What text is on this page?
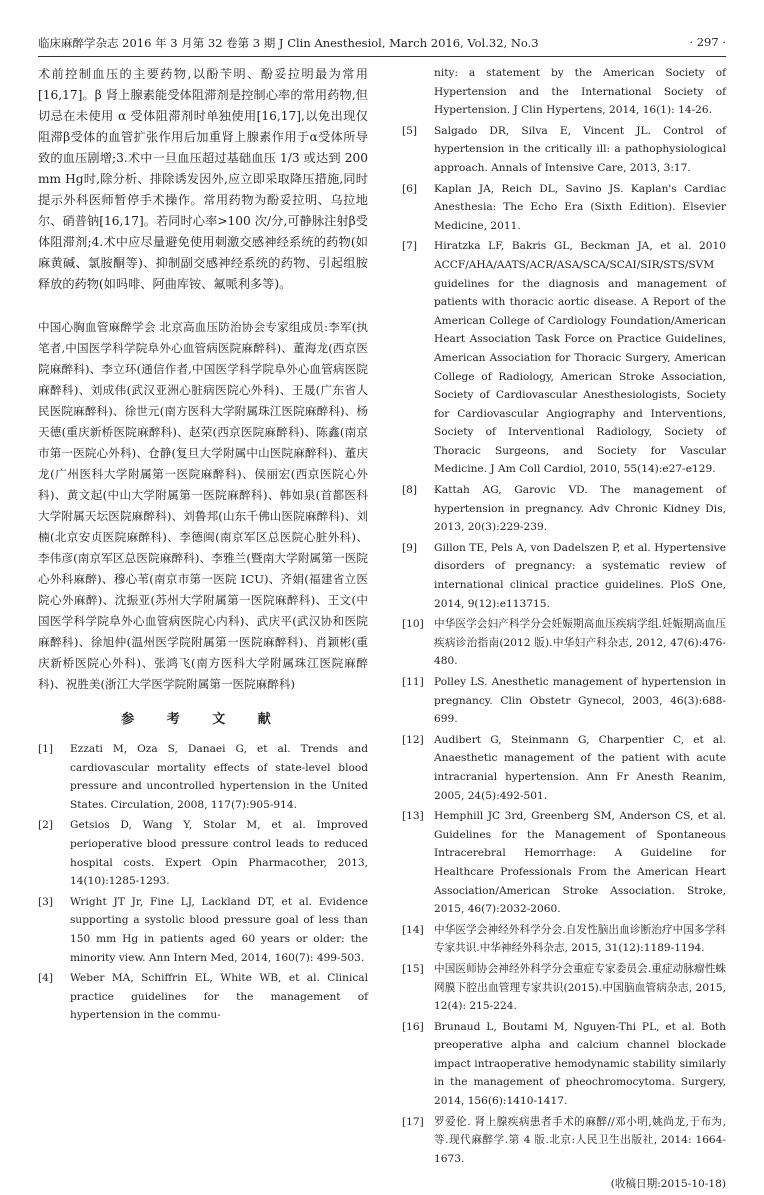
临床麻醉学杂志 2016 年 3 月第 32 卷第 3 期 J Clin Anesthesiol, March 2016, Vol.32, No.3	· 297 ·

术前控制血压的主要药物,以酚苄明、酚妥拉明最为常用[16,17]。β 肾上腺素能受体阻滞剂是控制心率的常用药物,但切忌在未使用 α 受体阻滞剂时单独使用[16,17],以免出现仅阻滞β受体的血管扩张作用后加重肾上腺素作用于α受体所导致的血压剧增;3.术中一旦血压超过基础血压 1/3 或达到 200 mm Hg时,除分析、排除诱发因外,应立即采取降压措施,同时提示外科医师暂停手术操作。常用药物为酚妥拉明、乌拉地尔、硝普钠[16,17]。若同时心率>100 次/分,可静脉注射β受体阻滞剂;4.术中应尽量避免使用刺激交感神经系统的药物(如麻黄碱、氯胺酮等)、抑制副交感神经系统的药物、引起组胺释放的药物(如吗啡、阿曲库铵、氟哌利多等)。

中国心胸血管麻醉学会 北京高血压防治协会专家组成员:李军(执笔者,中国医学科学院阜外心血管病医院麻醉科)、董海龙(西京医院麻醉科)、李立环(通信作者,中国医学科学院阜外心血管病医院麻醉科)、刘成伟(武汉亚洲心脏病医院心外科)、王晟(广东省人民医院麻醉科)、徐世元(南方医科大学附属珠江医院麻醉科)、杨天德(重庆新桥医院麻醉科)、赵荣(西京医院麻醉科)、陈鑫(南京市第一医院心外科)、仓静(复旦大学附属中山医院麻醉科)、董庆龙(广州医科大学附属第一医院麻醉科)、侯丽宏(西京医院心外科)、黄文起(中山大学附属第一医院麻醉科)、韩如泉(首都医科大学附属天坛医院麻醉科)、刘鲁邦(山东千佛山医院麻醉科)、刘楠(北京安贞医院麻醉科)、李德闽(南京军区总医院心脏外科)、李伟彦(南京军区总医院麻醉科)、李雅兰(暨南大学附属第一医院心外科麻醉)、穆心苇(南京市第一医院 ICU)、齐娟(福建省立医院心外麻醉)、沈振亚(苏州大学附属第一医院麻醉科)、王文(中国医学科学院阜外心血管病医院心内科)、武庆平(武汉协和医院麻醉科)、徐旭仲(温州医学院附属第一医院麻醉科)、肖颖彬(重庆新桥医院心外科)、张鸿飞(南方医科大学附属珠江医院麻醉科)、祝胜美(浙江大学医学院附属第一医院麻醉科)

参 考 文 献
[1]	Ezzati M, Oza S, Danaei G, et al. Trends and cardiovascular mortality effects of state-level blood pressure and uncontrolled hypertension in the United States. Circulation, 2008, 117(7):905-914.
[2]	Getsios D, Wang Y, Stolar M, et al. Improved perioperative blood pressure control leads to reduced hospital costs. Expert Opin Pharmacother, 2013, 14(10):1285-1293.
[3]	Wright JT Jr, Fine LJ, Lackland DT, et al. Evidence supporting a systolic blood pressure goal of less than 150 mm Hg in patients aged 60 years or older: the minority view. Ann Intern Med, 2014, 160(7): 499-503.
[4]	Weber MA, Schiffrin EL, White WB, et al. Clinical practice guidelines for the management of hypertension in the commu-
nity: a statement by the American Society of Hypertension and the International Society of Hypertension. J Clin Hypertens, 2014, 16(1): 14-26.
[5]	Salgado DR, Silva E, Vincent JL. Control of hypertension in the critically ill: a pathophysiological approach. Annals of Intensive Care, 2013, 3:17.
[6]	Kaplan JA, Reich DL, Savino JS. Kaplan's Cardiac Anesthesia: The Echo Era (Sixth Edition). Elsevier Medicine, 2011.
[7]	Hiratzka LF, Bakris GL, Beckman JA, et al. 2010 ACCF/AHA/AATS/ACR/ASA/SCA/SCAI/SIR/STS/SVM guidelines for the diagnosis and management of patients with thoracic aortic disease. A Report of the American College of Cardiology Foundation/American Heart Association Task Force on Practice Guidelines, American Association for Thoracic Surgery, American College of Radiology, American Stroke Association, Society of Cardiovascular Anesthesiologists, Society for Cardiovascular Angiography and Interventions, Society of Interventional Radiology, Society of Thoracic Surgeons, and Society for Vascular Medicine. J Am Coll Cardiol, 2010, 55(14):e27-e129.
[8]	Kattah AG, Garovic VD. The management of hypertension in pregnancy. Adv Chronic Kidney Dis, 2013, 20(3):229-239.
[9]	Gillon TE, Pels A, von Dadelszen P, et al. Hypertensive disorders of pregnancy: a systematic review of international clinical practice guidelines. PloS One, 2014, 9(12):e113715.
[10] 中华医学会妇产科学分会妊娠期高血压疾病学组.妊娠期高血压疾病诊治指南(2012 版).中华妇产科杂志, 2012, 47(6):476-480.
[11] Polley LS. Anesthetic management of hypertension in pregnancy. Clin Obstetr Gynecol, 2003, 46(3):688-699.
[12] Audibert G, Steinmann G, Charpentier C, et al. Anaesthetic management of the patient with acute intracranial hypertension. Ann Fr Anesth Reanim, 2005, 24(5):492-501.
[13] Hemphill JC 3rd, Greenberg SM, Anderson CS, et al. Guidelines for the Management of Spontaneous Intracerebral Hemorrhage: A Guideline for Healthcare Professionals From the American Heart Association/American Stroke Association. Stroke, 2015, 46(7):2032-2060.
[14] 中华医学会神经外科学分会.自发性脑出血诊断治疗中国多学科专家共识.中华神经外科杂志, 2015, 31(12):1189-1194.
[15] 中国医师协会神经外科学分会重症专家委员会.重症动脉瘤性蛛网膜下腔出血管理专家共识(2015).中国脑血管病杂志, 2015, 12(4): 215-224.
[16] Brunaud L, Boutami M, Nguyen-Thi PL, et al. Both preoperative alpha and calcium channel blockade impact intraoperative hemodynamic stability similarly in the management of pheochromocytoma. Surgery, 2014, 156(6):1410-1417.
[17] 罗爱伦. 肾上腺疾病患者手术的麻醉//邓小明,姚尚龙,于布为,等.现代麻醉学.第 4 版.北京:人民卫生出版社, 2014: 1664-1673.
(收稿日期:2015-10-18)
